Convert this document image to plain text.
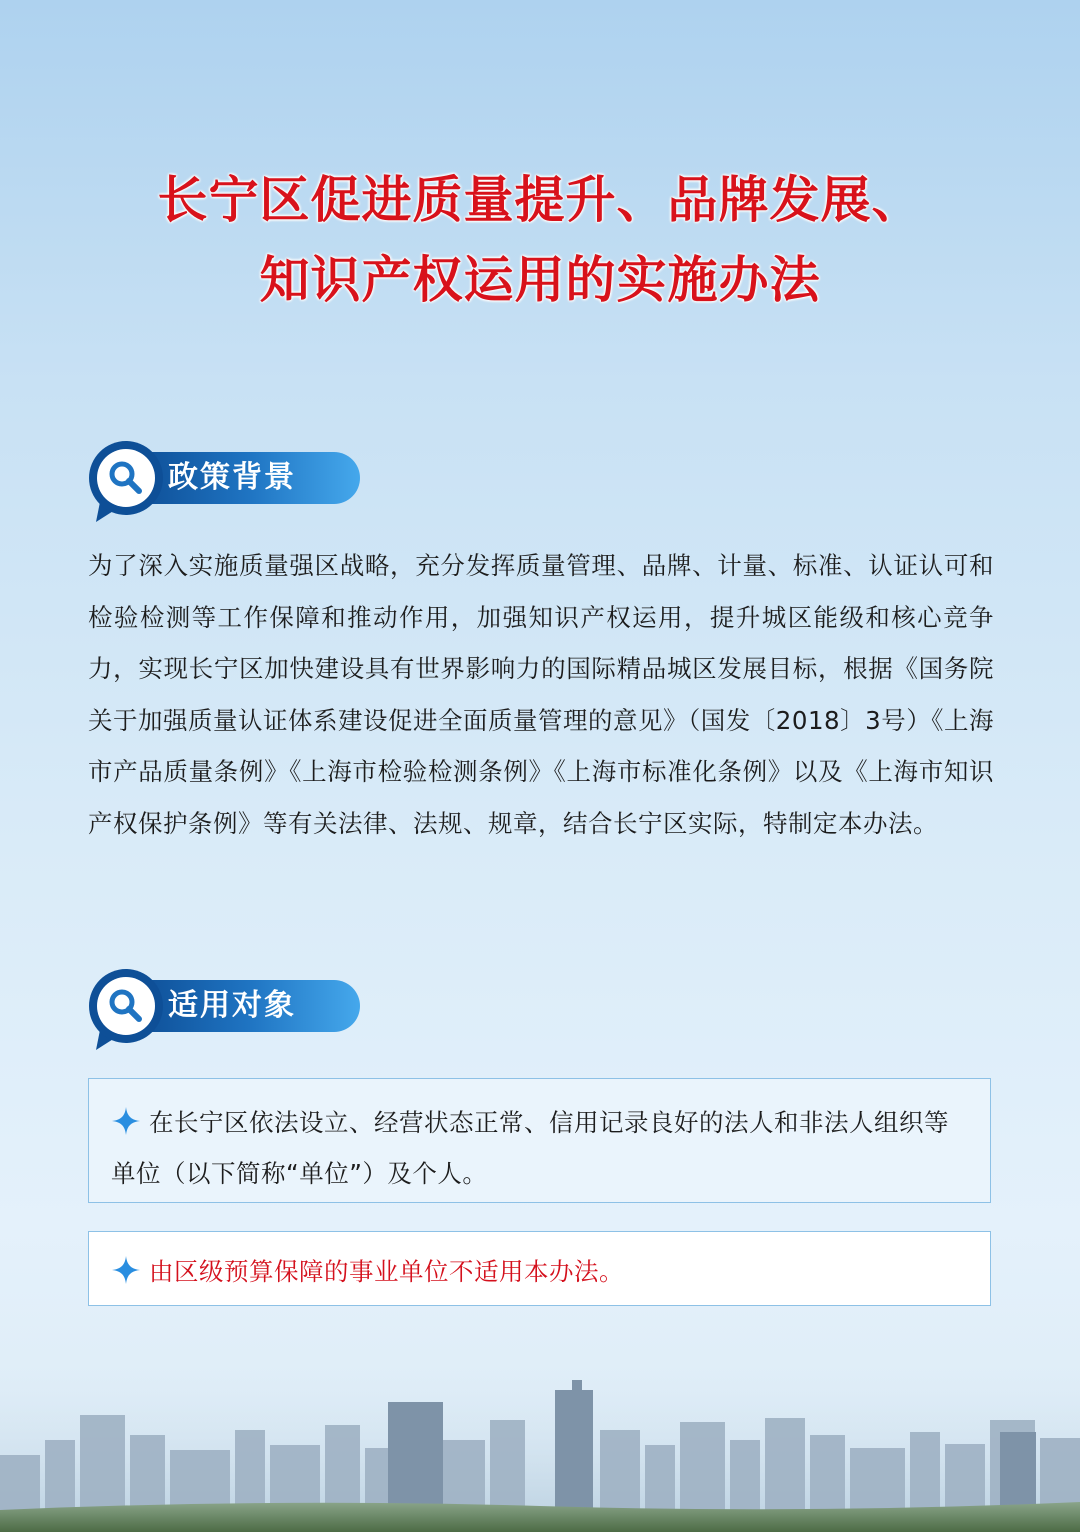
长宁区促进质量提升、品牌发展、
知识产权运用的实施办法
政策背景

为了深入实施质量强区战略，充分发挥质量管理、品牌、计量、标准、认证认可和检验检测等工作保障和推动作用，加强知识产权运用，提升城区能级和核心竞争力，实现长宁区加快建设具有世界影响力的国际精品城区发展目标，根据《国务院关于加强质量认证体系建设促进全面质量管理的意见》（国发〔2018〕3号）《上海市产品质量条例》《上海市检验检测条例》《上海市标准化条例》以及《上海市知识产权保护条例》等有关法律、法规、规章，结合长宁区实际，特制定本办法。

适用对象

在长宁区依法设立、经营状态正常、信用记录良好的法人和非法人组织等单位（以下简称“单位”）及个人。

由区级预算保障的事业单位不适用本办法。
